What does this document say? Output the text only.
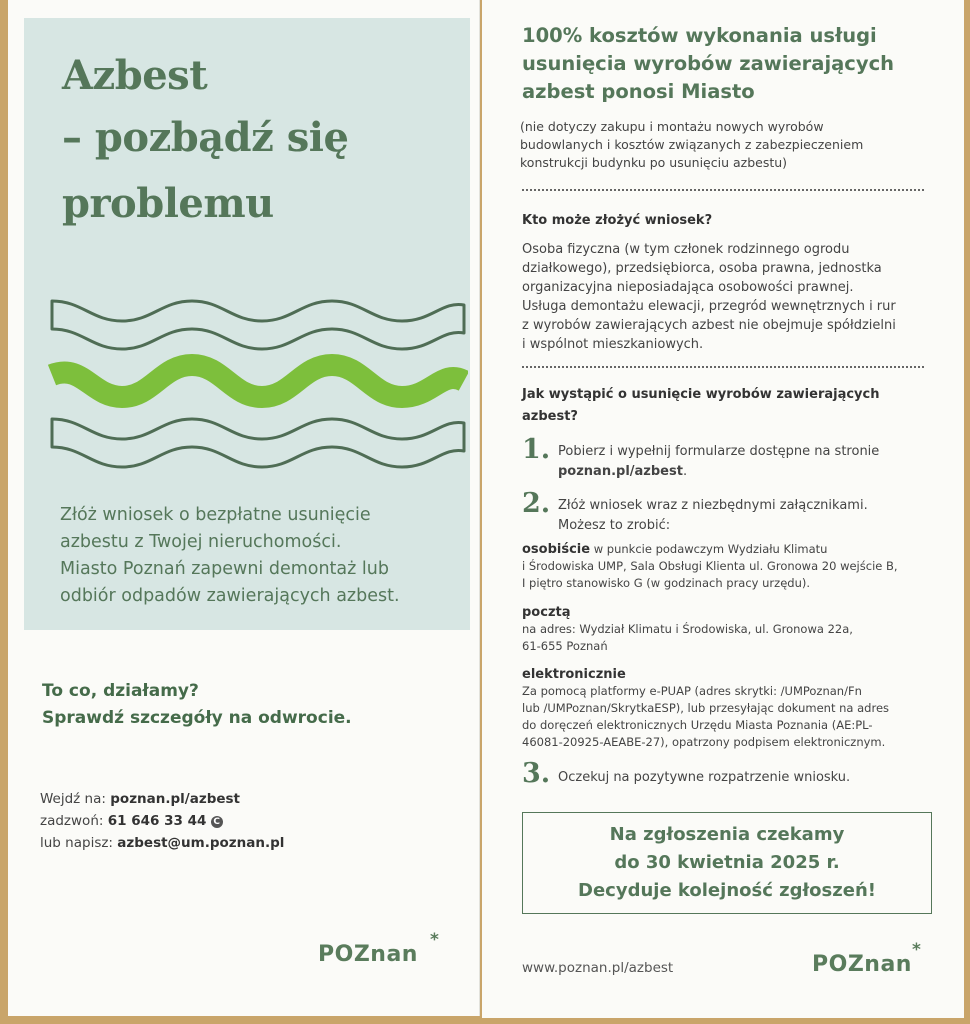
Azbest
– pozbądź się
problemu
Złóż wniosek o bezpłatne usunięcie
azbestu z Twojej nieruchomości.
Miasto Poznań zapewni demontaż lub
odbiór odpadów zawierających azbest.
To co, działamy?
Sprawdź szczegóły na odwrocie.
Wejdź na: poznan.pl/azbest
zadzwoń: 61 646 33 44 C
lub napisz: azbest@um.poznan.pl
POZnan
*
100% kosztów wykonania usługi
usunięcia wyrobów zawierających
azbest ponosi Miasto
(nie dotyczy zakupu i montażu nowych wyrobów
budowlanych i kosztów związanych z zabezpieczeniem
konstrukcji budynku po usunięciu azbestu)
Kto może złożyć wniosek?
Osoba fizyczna (w tym członek rodzinnego ogrodu
działkowego), przedsiębiorca, osoba prawna, jednostka
organizacyjna nieposiadająca osobowości prawnej.
Usługa demontażu elewacji, przegród wewnętrznych i rur
z wyrobów zawierających azbest nie obejmuje spółdzielni
i wspólnot mieszkaniowych.
Jak wystąpić o usunięcie wyrobów zawierających
azbest?
1. Pobierz i wypełnij formularze dostępne na stronie
poznan.pl/azbest.
2. Złóż wniosek wraz z niezbędnymi załącznikami.
Możesz to zrobić:
osobiście w punkcie podawczym Wydziału Klimatu
i Środowiska UMP, Sala Obsługi Klienta ul. Gronowa 20 wejście B,
I piętro stanowisko G (w godzinach pracy urzędu).
pocztą
na adres: Wydział Klimatu i Środowiska, ul. Gronowa 22a,
61-655 Poznań
elektronicznie
Za pomocą platformy e-PUAP (adres skrytki: /UMPoznan/Fn
lub /UMPoznan/SkrytkaESP), lub przesyłając dokument na adres
do doręczeń elektronicznych Urzędu Miasta Poznania (AE:PL-
46081-20925-AEABE-27), opatrzony podpisem elektronicznym.
3. Oczekuj na pozytywne rozpatrzenie wniosku.
Na zgłoszenia czekamy
do 30 kwietnia 2025 r.
Decyduje kolejność zgłoszeń!
www.poznan.pl/azbest	POZnan
*
